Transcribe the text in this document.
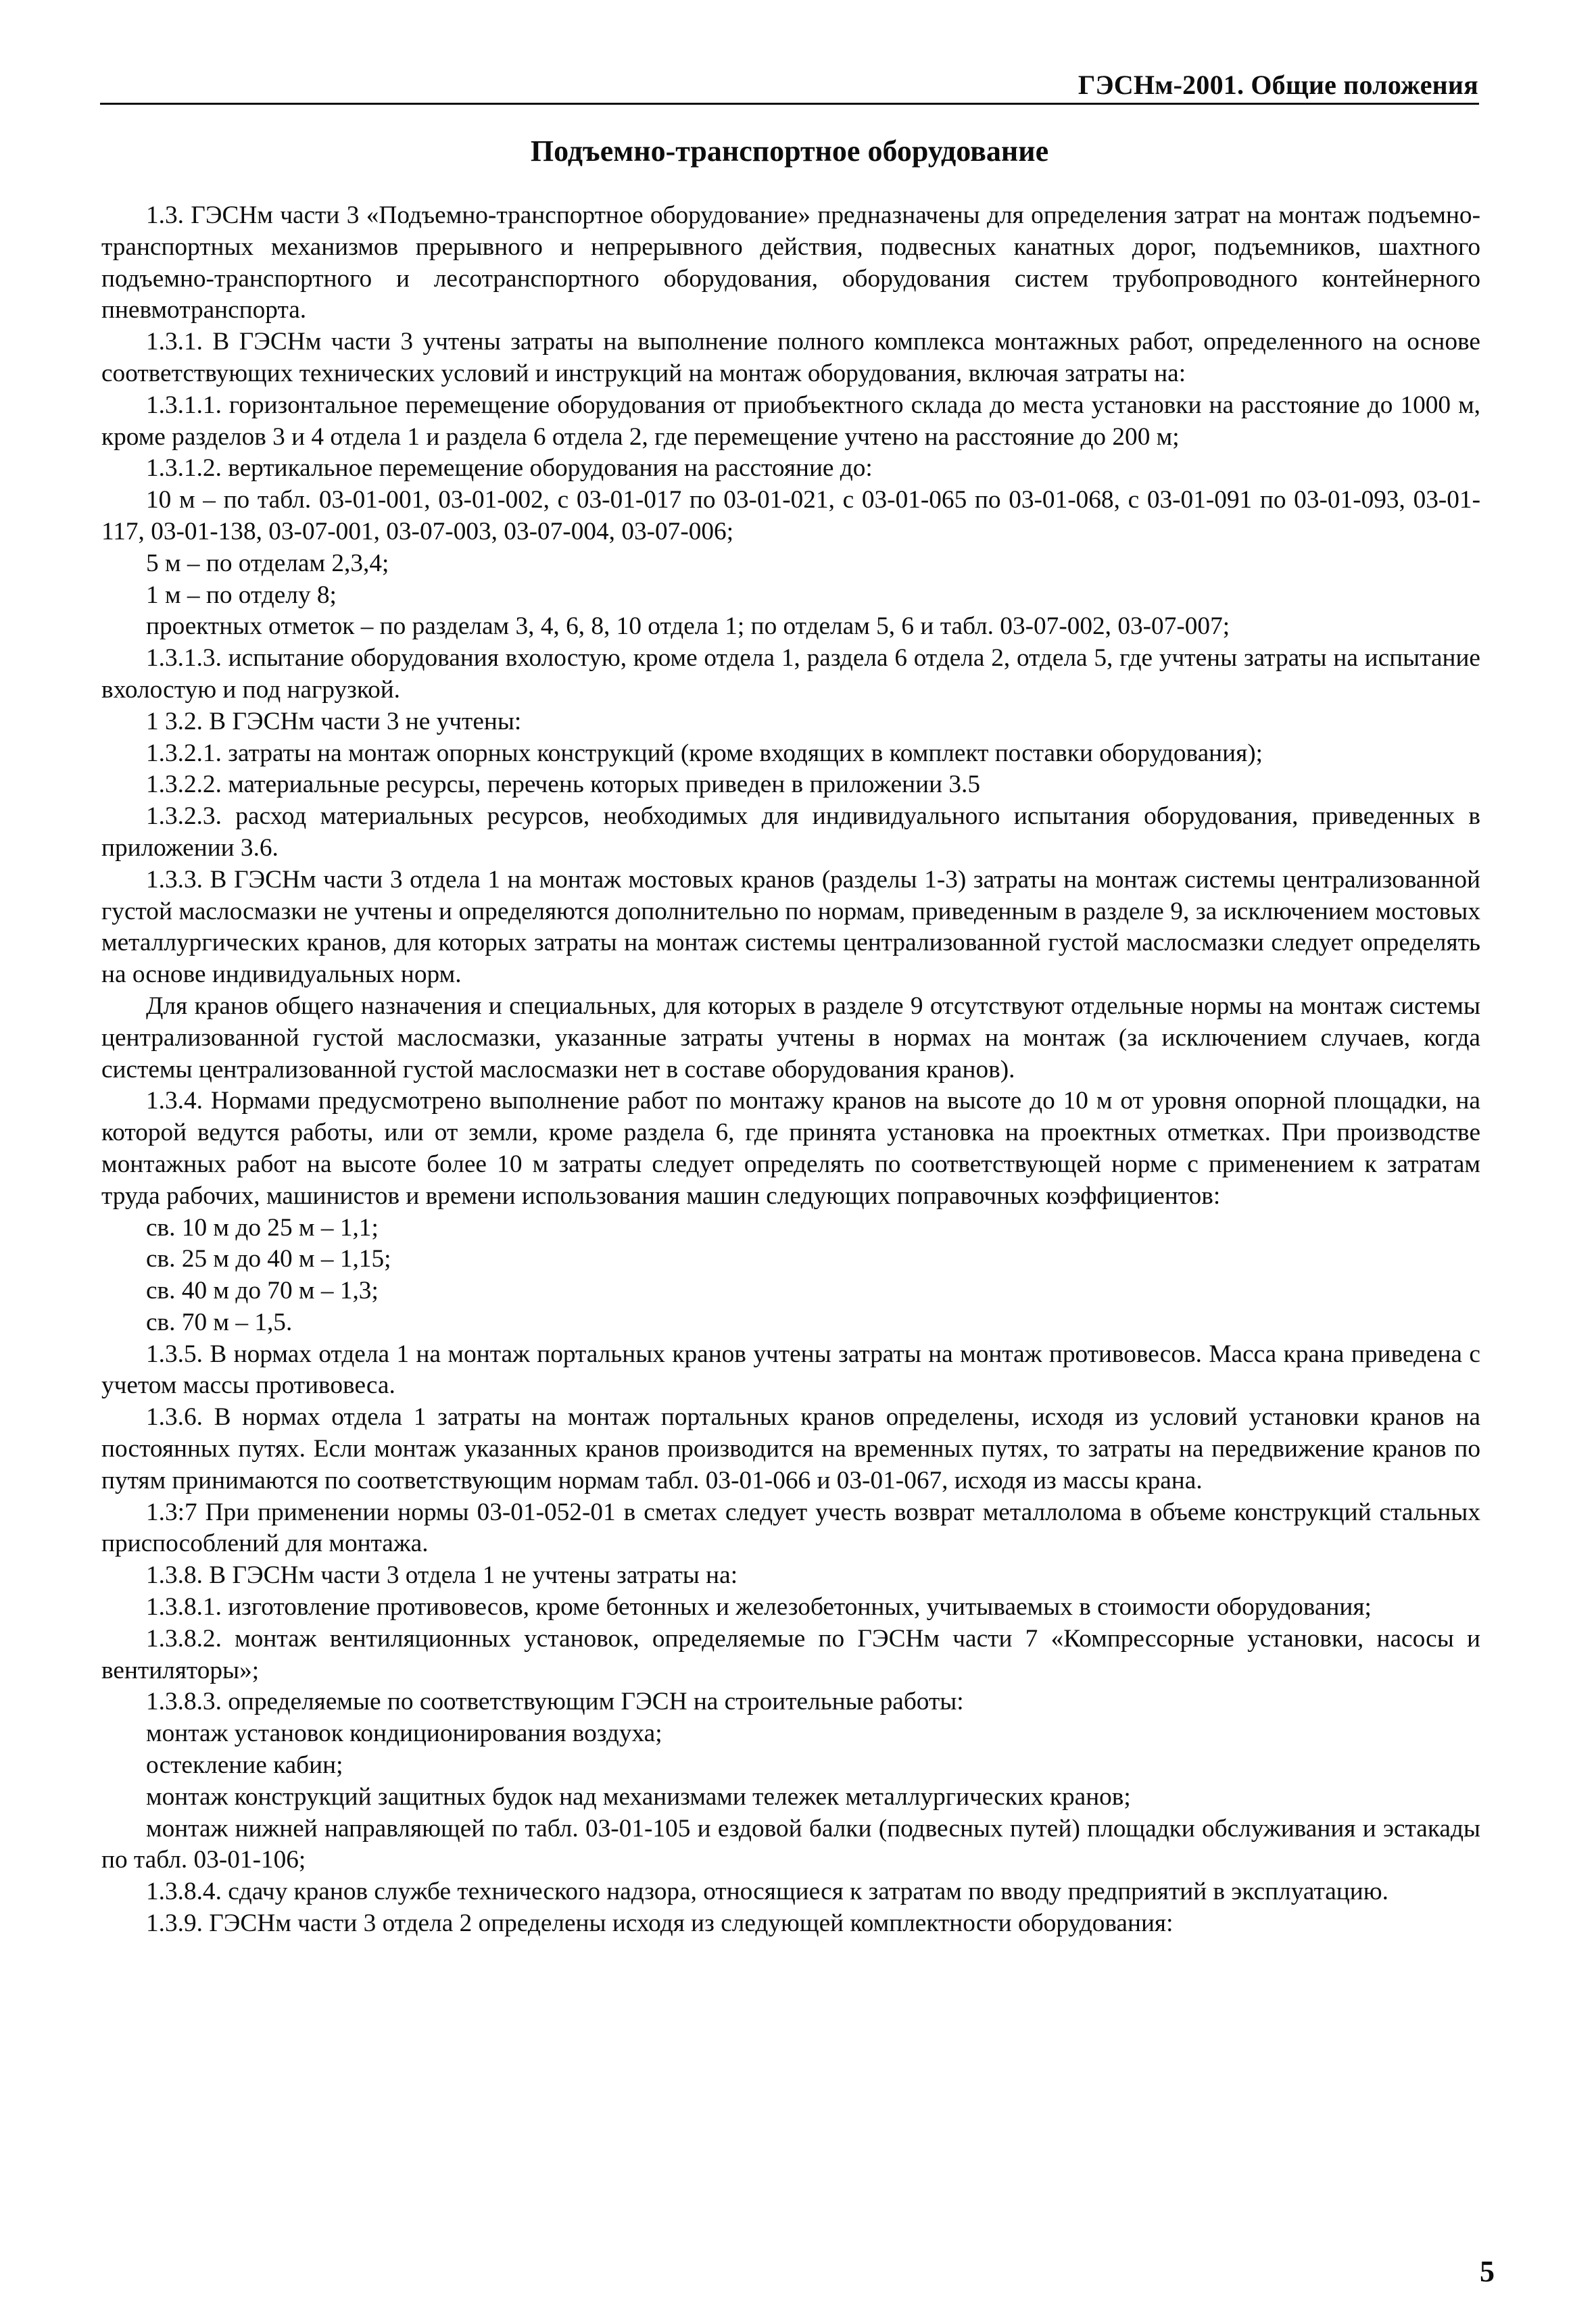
ГЭСНм-2001. Общие положения
Подъемно-транспортное оборудование

1.3. ГЭСНм части 3 «Подъемно-транспортное оборудование» предназначены для определения затрат на монтаж подъемно-транспортных механизмов прерывного и непрерывного действия, подвесных канатных дорог, подъемников, шахтного подъемно-транспортного и лесотранспортного оборудования, оборудования систем трубопроводного контейнерного пневмотранспорта.

1.3.1. В ГЭСНм части 3 учтены затраты на выполнение полного комплекса монтажных работ, определенного на основе соответствующих технических условий и инструкций на монтаж оборудования, включая затраты на:

1.3.1.1. горизонтальное перемещение оборудования от приобъектного склада до места установки на расстояние до 1000 м, кроме разделов 3 и 4 отдела 1 и раздела 6 отдела 2, где перемещение учтено на расстояние до 200 м;

1.3.1.2. вертикальное перемещение оборудования на расстояние до:

10 м – по табл. 03-01-001, 03-01-002, с 03-01-017 по 03-01-021, с 03-01-065 по 03-01-068, с 03-01-091 по 03-01-093, 03-01-117, 03-01-138, 03-07-001, 03-07-003, 03-07-004, 03-07-006;

5 м – по отделам 2,3,4;

1 м – по отделу 8;

проектных отметок – по разделам 3, 4, 6, 8, 10 отдела 1; по отделам 5, 6 и табл. 03-07-002, 03-07-007;

1.3.1.3. испытание оборудования вхолостую, кроме отдела 1, раздела 6 отдела 2, отдела 5, где учтены затраты на испытание вхолостую и под нагрузкой.

1 3.2. В ГЭСНм части 3 не учтены:

1.3.2.1. затраты на монтаж опорных конструкций (кроме входящих в комплект поставки оборудования);

1.3.2.2. материальные ресурсы, перечень которых приведен в приложении 3.5

1.3.2.3. расход материальных ресурсов, необходимых для индивидуального испытания оборудования, приведенных в приложении 3.6.

1.3.3. В ГЭСНм части 3 отдела 1 на монтаж мостовых кранов (разделы 1-3) затраты на монтаж системы централизованной густой маслосмазки не учтены и определяются дополнительно по нормам, приведенным в разделе 9, за исключением мостовых металлургических кранов, для которых затраты на монтаж системы централизованной густой маслосмазки следует определять на основе индивидуальных норм.

Для кранов общего назначения и специальных, для которых в разделе 9 отсутствуют отдельные нормы на монтаж системы централизованной густой маслосмазки, указанные затраты учтены в нормах на монтаж (за исключением случаев, когда системы централизованной густой маслосмазки нет в составе оборудования кранов).

1.3.4. Нормами предусмотрено выполнение работ по монтажу кранов на высоте до 10 м от уровня опорной площадки, на которой ведутся работы, или от земли, кроме раздела 6, где принята установка на проектных отметках. При производстве монтажных работ на высоте более 10 м затраты следует определять по соответствующей норме с применением к затратам труда рабочих, машинистов и времени использования машин следующих поправочных коэффициентов:

св. 10 м до 25 м – 1,1;

св. 25 м до 40 м – 1,15;

св. 40 м до 70 м – 1,3;

св. 70 м – 1,5.

1.3.5. В нормах отдела 1 на монтаж портальных кранов учтены затраты на монтаж противовесов. Масса крана приведена с учетом массы противовеса.

1.3.6. В нормах отдела 1 затраты на монтаж портальных кранов определены, исходя из условий установки кранов на постоянных путях. Если монтаж указанных кранов производится на временных путях, то затраты на передвижение кранов по путям принимаются по соответствующим нормам табл. 03-01-066 и 03-01-067, исходя из массы крана.

1.3:7 При применении нормы 03-01-052-01 в сметах следует учесть возврат металлолома в объеме конструкций стальных приспособлений для монтажа.

1.3.8. В ГЭСНм части 3 отдела 1 не учтены затраты на:

1.3.8.1. изготовление противовесов, кроме бетонных и железобетонных, учитываемых в стоимости оборудования;

1.3.8.2. монтаж вентиляционных установок, определяемые по ГЭСНм части 7 «Компрессорные установки, насосы и вентиляторы»;

1.3.8.3. определяемые по соответствующим ГЭСН на строительные работы:

монтаж установок кондиционирования воздуха;

остекление кабин;

монтаж конструкций защитных будок над механизмами тележек металлургических кранов;

монтаж нижней направляющей по табл. 03-01-105 и ездовой балки (подвесных путей) площадки обслуживания и эстакады по табл. 03-01-106;

1.3.8.4. сдачу кранов службе технического надзора, относящиеся к затратам по вводу предприятий в эксплуатацию.

1.3.9. ГЭСНм части 3 отдела 2 определены исходя из следующей комплектности оборудования:

5
